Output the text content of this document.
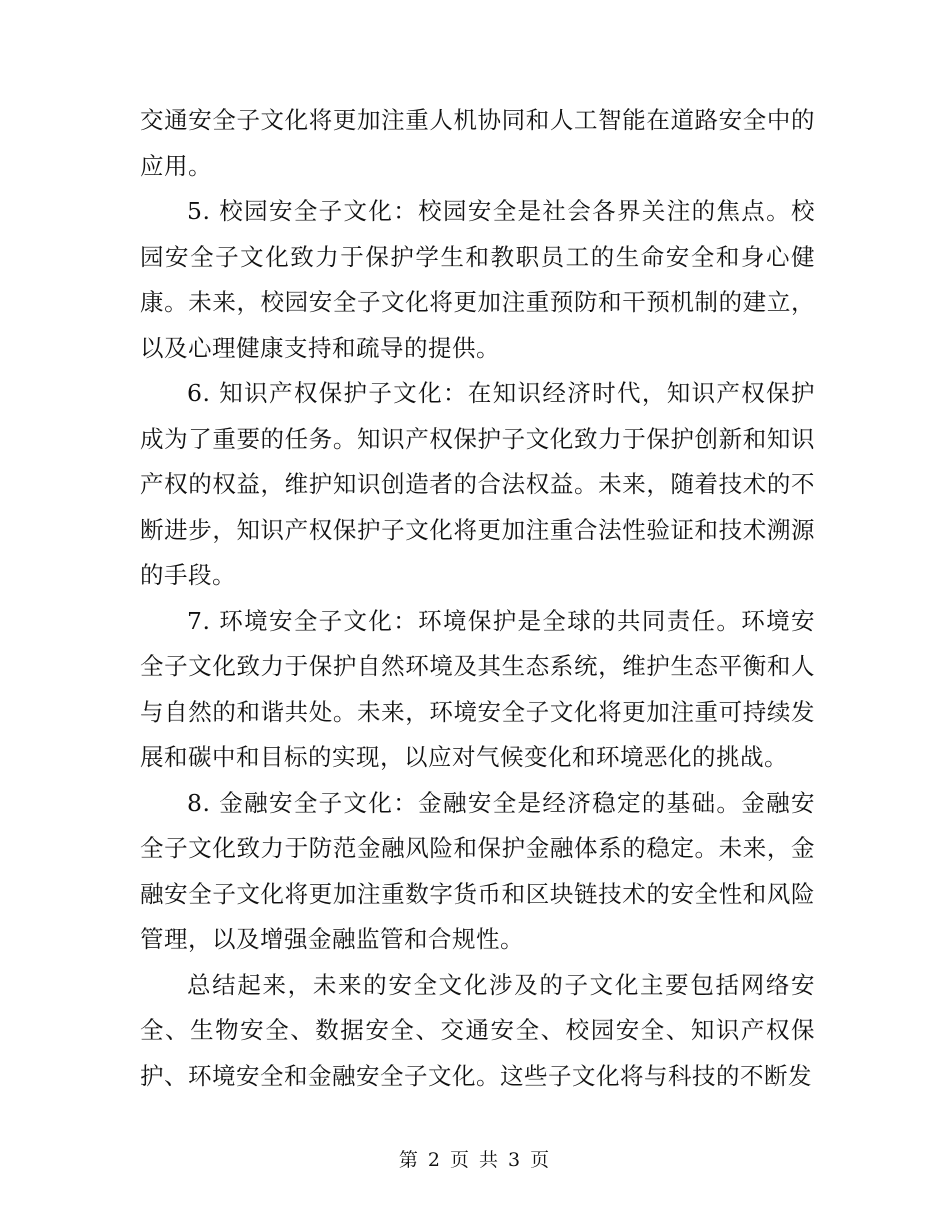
交通安全子文化将更加注重人机协同和人工智能在道路安全中的应用。

5. 校园安全子文化：校园安全是社会各界关注的焦点。校园安全子文化致力于保护学生和教职员工的生命安全和身心健康。未来，校园安全子文化将更加注重预防和干预机制的建立，以及心理健康支持和疏导的提供。

6. 知识产权保护子文化：在知识经济时代，知识产权保护成为了重要的任务。知识产权保护子文化致力于保护创新和知识产权的权益，维护知识创造者的合法权益。未来，随着技术的不断进步，知识产权保护子文化将更加注重合法性验证和技术溯源的手段。

7. 环境安全子文化：环境保护是全球的共同责任。环境安全子文化致力于保护自然环境及其生态系统，维护生态平衡和人与自然的和谐共处。未来，环境安全子文化将更加注重可持续发展和碳中和目标的实现，以应对气候变化和环境恶化的挑战。

8. 金融安全子文化：金融安全是经济稳定的基础。金融安全子文化致力于防范金融风险和保护金融体系的稳定。未来，金融安全子文化将更加注重数字货币和区块链技术的安全性和风险管理，以及增强金融监管和合规性。

总结起来，未来的安全文化涉及的子文化主要包括网络安全、生物安全、数据安全、交通安全、校园安全、知识产权保护、环境安全和金融安全子文化。这些子文化将与科技的不断发

第 2 页 共 3 页
